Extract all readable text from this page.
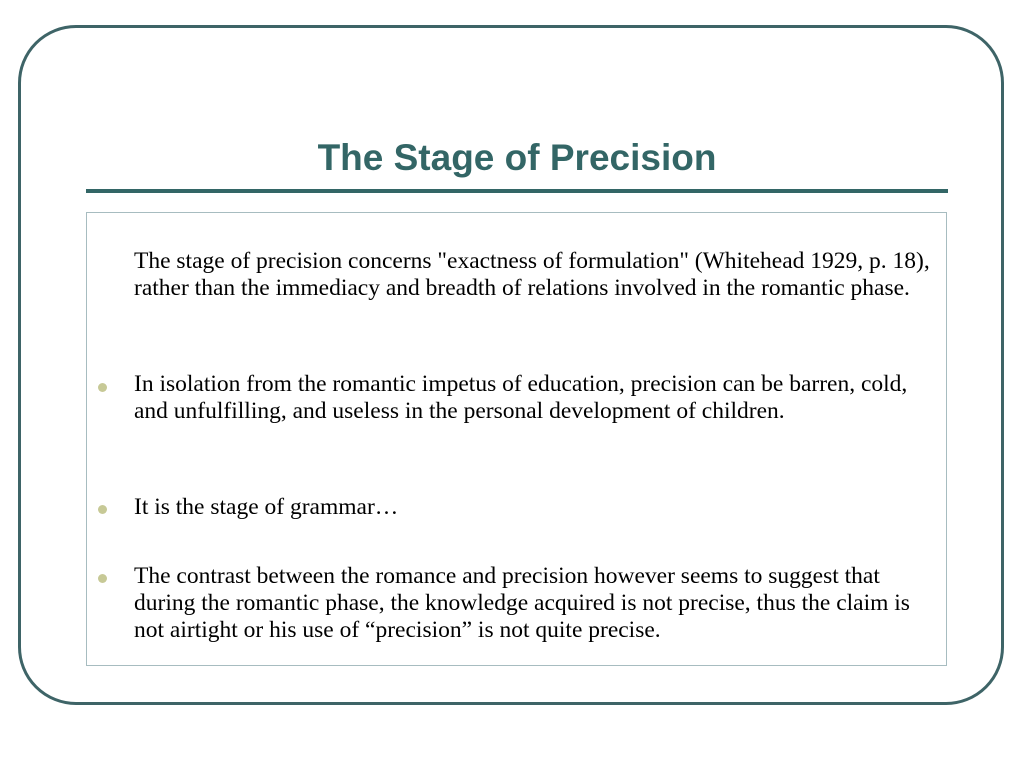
The Stage of Precision
The stage of precision concerns "exactness of formulation" (Whitehead 1929, p. 18), rather than the immediacy and breadth of relations involved in the romantic phase.
In isolation from the romantic impetus of education, precision can be barren, cold, and unfulfilling, and useless in the personal development of children.
It is the stage of grammar…
The contrast between the romance and precision however seems to suggest that during the romantic phase, the knowledge acquired is not precise, thus the claim is not airtight or his use of “precision” is not quite precise.
